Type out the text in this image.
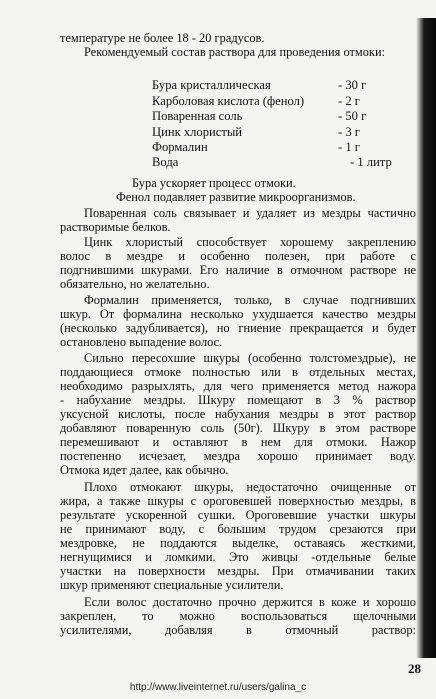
температуре не более 18 - 20 градусов.
Рекомендуемый состав раствора для проведения отмоки:
Бура ускоряет процесс отмоки.
Фенол подавляет развитие микроорганизмов.
Поваренная соль связывает и удаляет из мездры частично
растворимые белков.
Цинк хлористый способствует хорошему закреплению
волос в мездре и особенно полезен, при работе с
подгнившими шкурами. Его наличие в отмочном растворе не
обязательно, но желательно.
Формалин применяется, только, в случае подгнивших
шкур. От формалина несколько ухудшается качество мездры
(несколько задубливается), но гниение прекращается и будет
остановлено выпадение волос.
Сильно пересохшие шкуры (особенно толстомездрые), не
поддающиеся отмоке полностью или в отдельных местах,
необходимо разрыхлять, для чего применяется метод нажора
- набухание мездры. Шкуру помещают в 3 % раствор
уксусной кислоты, после набухания мездры в этот раствор
добавляют поваренную соль (50г). Шкуру в этом растворе
перемешивают и оставляют в нем для отмоки. Нажор
постепенно исчезает, мездра хорошо принимает воду.
Отмока идет далее, как обычно.
Плохо отмокают шкуры, недостаточно очищенные от
жира, а также шкуры с ороговевшей поверхностью мездры, в
результате ускоренной сушки. Ороговевшие участки шкуры
не принимают воду, с большим трудом срезаются при
мездровке, не поддаются выделке, оставаясь жесткими,
негнущимися и ломкими. Это живцы -отдельные белые
участки на поверхности мездры. При отмачивании таких
шкур применяют специальные усилители.
Если волос достаточно прочно держится в коже и хорошо
закреплен, то можно воспользоваться щелочными
усилителями, добавляя в отмочный раствор:
Бура кристаллическая	- 30 г
Карболовая кислота (фенол)	- 2 г
Поваренная соль	- 50 г
Цинк хлористый	- 3 г
Формалин	- 1 г
Вода	- 1 литр
28
http://www.liveinternet.ru/users/galina_c
